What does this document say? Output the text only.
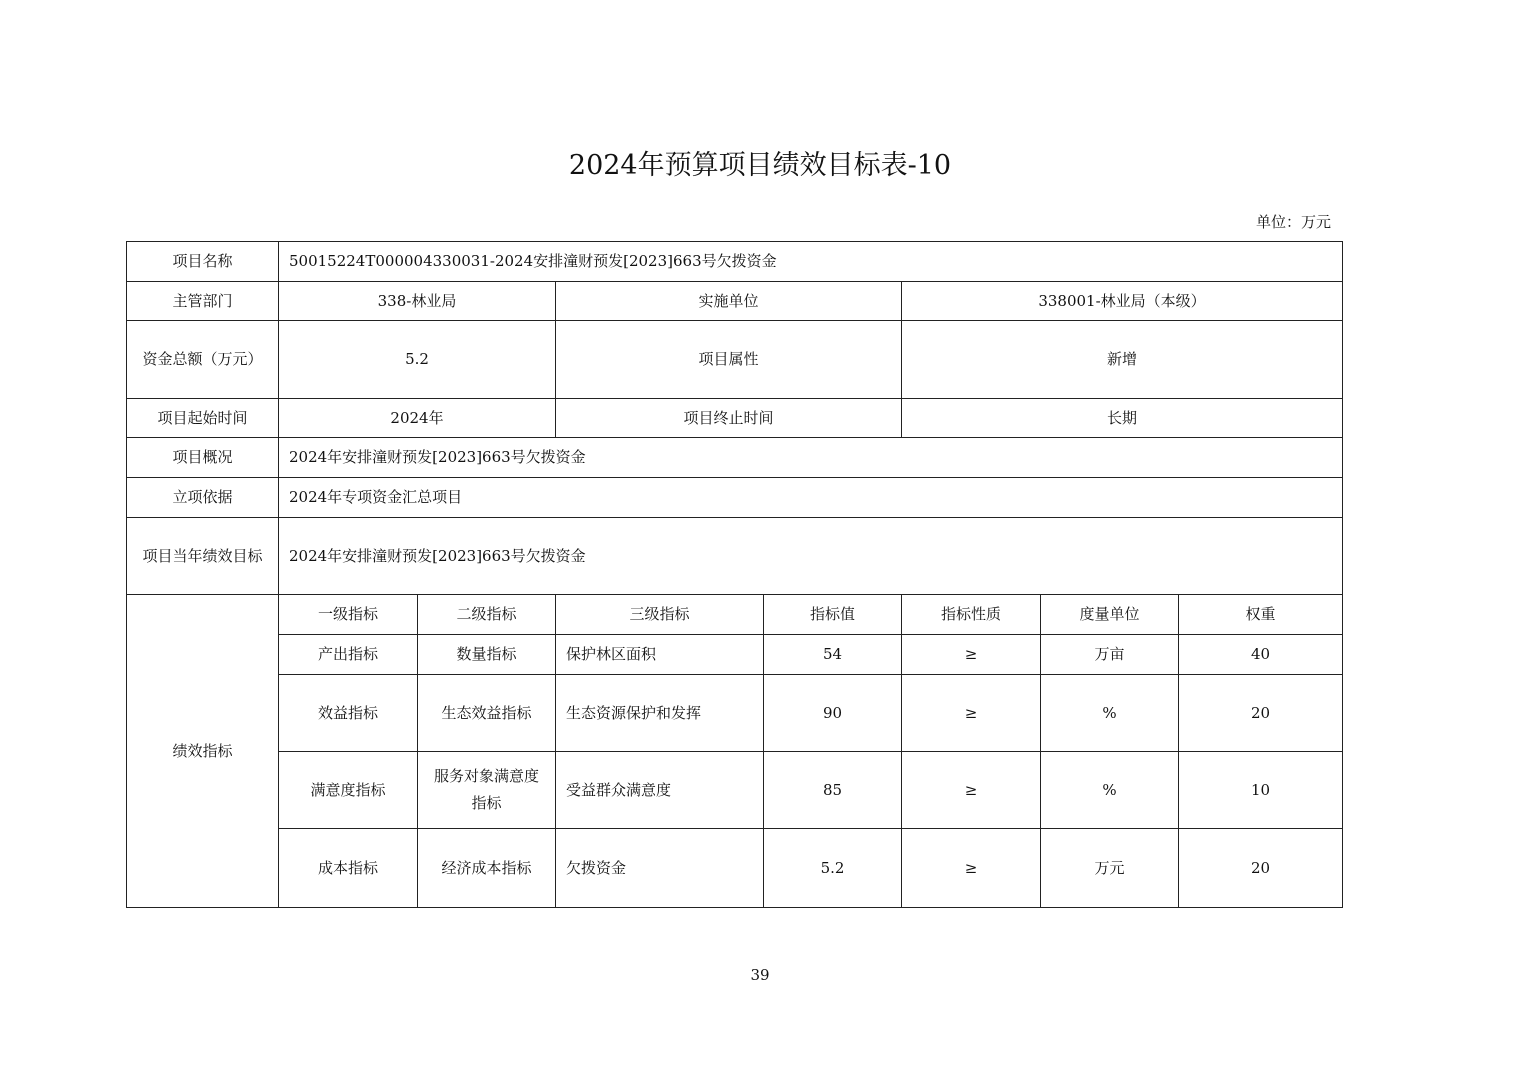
2024年预算项目绩效目标表-10
单位：万元
项目名称	50015224T000004330031-2024安排潼财预发[2023]663号欠拨资金						
主管部门	338-林业局		实施单位		338001-林业局（本级）		
资金总额（万元）	5.2		项目属性		新增		
项目起始时间	2024年		项目终止时间		长期		
项目概况	2024年安排潼财预发[2023]663号欠拨资金						
立项依据	2024年专项资金汇总项目						
项目当年绩效目标	2024年安排潼财预发[2023]663号欠拨资金						
绩效指标	一级指标	二级指标	三级指标	指标值	指标性质	度量单位	权重
	产出指标	数量指标	保护林区面积	54	≥	万亩	40
	效益指标	生态效益指标	生态资源保护和发挥	90	≥	%	20
	满意度指标	服务对象满意度指标	受益群众满意度	85	≥	%	10
	成本指标	经济成本指标	欠拨资金	5.2	≥	万元	20
39
